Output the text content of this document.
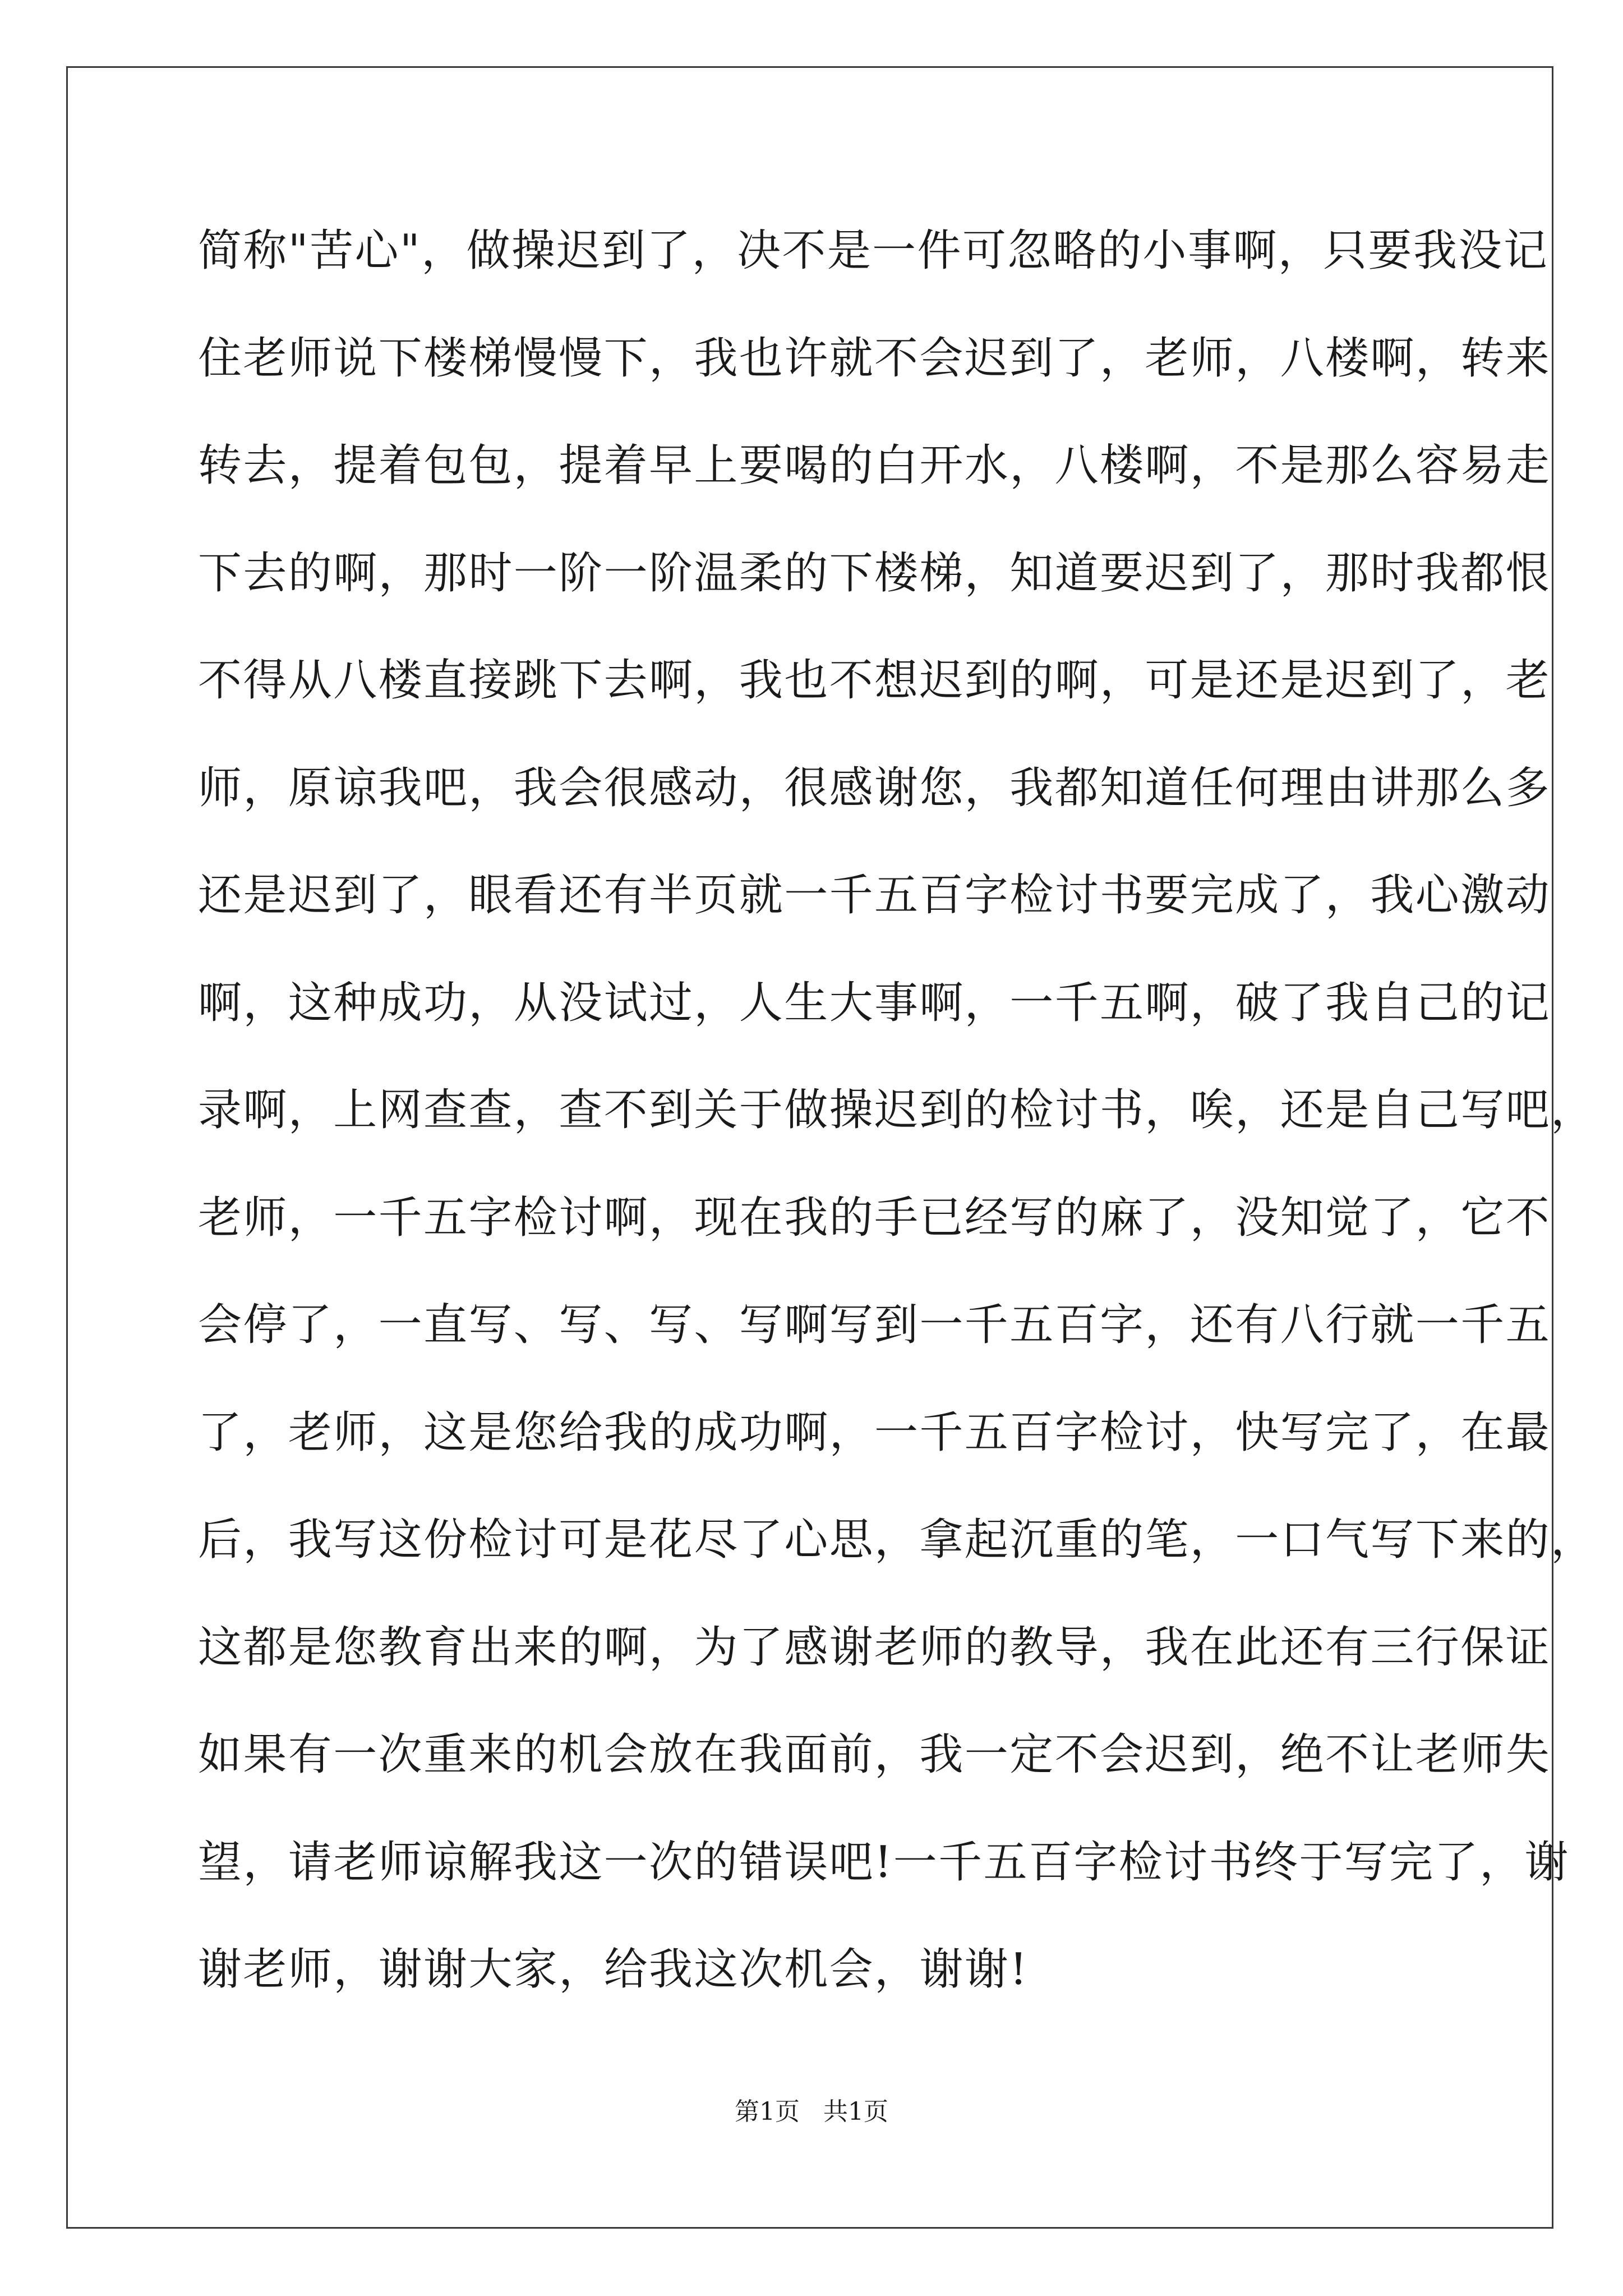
简称"苦心"，做操迟到了，决不是一件可忽略的小事啊，只要我没记
住老师说下楼梯慢慢下，我也许就不会迟到了，老师，八楼啊，转来
转去，提着包包，提着早上要喝的白开水，八楼啊，不是那么容易走
下去的啊，那时一阶一阶温柔的下楼梯，知道要迟到了，那时我都恨
不得从八楼直接跳下去啊，我也不想迟到的啊，可是还是迟到了，老
师，原谅我吧，我会很感动，很感谢您，我都知道任何理由讲那么多
还是迟到了，眼看还有半页就一千五百字检讨书要完成了，我心激动
啊，这种成功，从没试过，人生大事啊，一千五啊，破了我自己的记
录啊，上网查查，查不到关于做操迟到的检讨书，唉，还是自己写吧，
老师，一千五字检讨啊，现在我的手已经写的麻了，没知觉了，它不
会停了，一直写、写、写、写啊写到一千五百字，还有八行就一千五
了，老师，这是您给我的成功啊，一千五百字检讨，快写完了，在最
后，我写这份检讨可是花尽了心思，拿起沉重的笔，一口气写下来的，
这都是您教育出来的啊，为了感谢老师的教导，我在此还有三行保证
如果有一次重来的机会放在我面前，我一定不会迟到，绝不让老师失
望，请老师谅解我这一次的错误吧!一千五百字检讨书终于写完了，谢
谢老师，谢谢大家，给我这次机会，谢谢!
第1页   共1页
